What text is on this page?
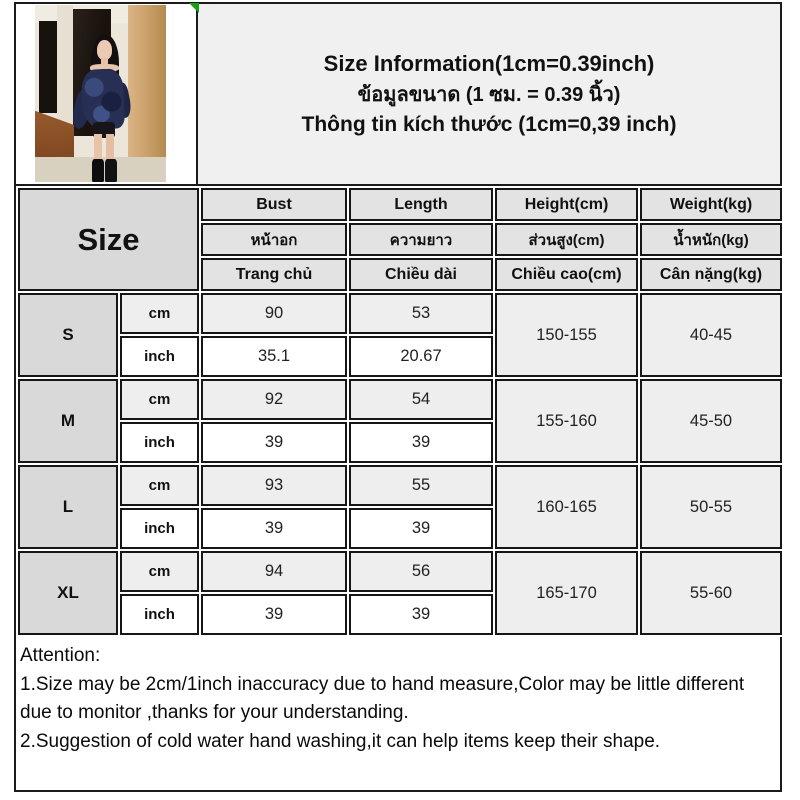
Size Information(1cm=0.39inch)
ข้อมูลขนาด (1 ซม. = 0.39 นิ้ว)
Thông tin kích thước (1cm=0,39 inch)
Size		Bust	Length	Height(cm)	Weight(kg)
		หน้าอก	ความยาว	ส่วนสูง(cm)	น้ำหนัก(kg)
		Trang chủ	Chiều dài	Chiều cao(cm)	Cân nặng(kg)
S	cm	90	53	150-155	40-45
	inch	35.1	20.67		
M	cm	92	54	155-160	45-50
	inch	39	39		
L	cm	93	55	160-165	50-55
	inch	39	39		
XL	cm	94	56	165-170	55-60
	inch	39	39		

Attention:

1.Size may be 2cm/1inch inaccuracy due to hand measure,Color may be little different due to monitor ,thanks for your understanding.

2.Suggestion of cold water hand washing,it can help items keep their shape.
